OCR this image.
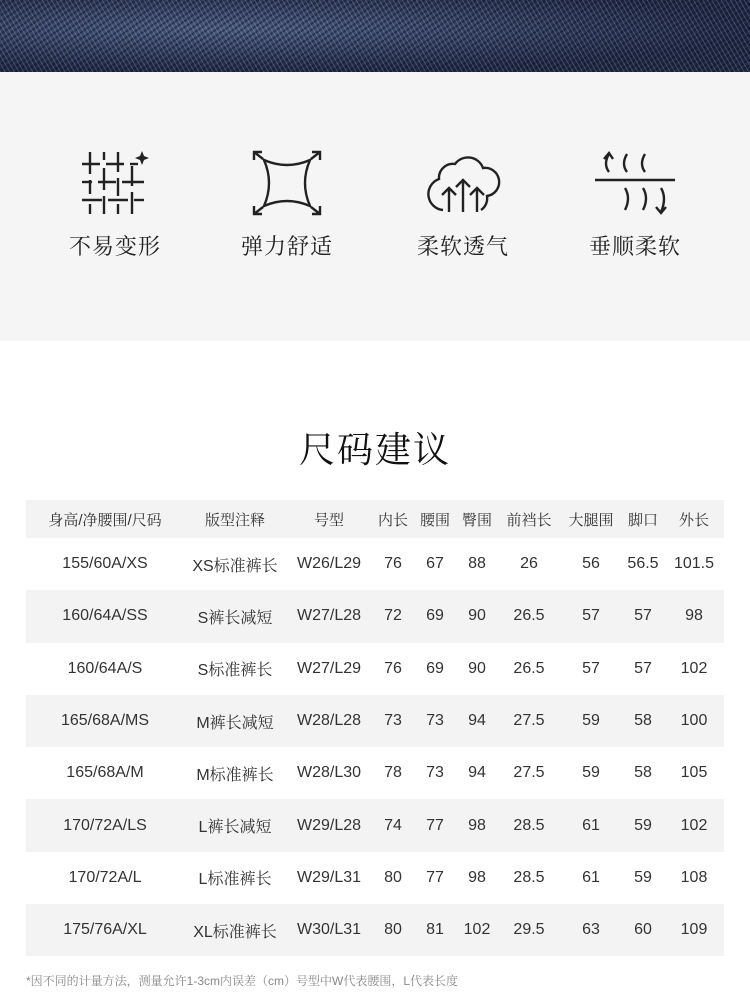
不易变形	弹力舒适	柔软透气	垂顺柔软
尺码建议
身高/净腰围/尺码	版型注释	号型	内长	腰围	臀围	前裆长	大腿围	脚口	外长
155/60A/XS	XS标准裤长	W26/L29	76	67	88	26	56	56.5	101.5
160/64A/SS	S裤长减短	W27/L28	72	69	90	26.5	57	57	98
160/64A/S	S标准裤长	W27/L29	76	69	90	26.5	57	57	102
165/68A/MS	M裤长减短	W28/L28	73	73	94	27.5	59	58	100
165/68A/M	M标准裤长	W28/L30	78	73	94	27.5	59	58	105
170/72A/LS	L裤长减短	W29/L28	74	77	98	28.5	61	59	102
170/72A/L	L标准裤长	W29/L31	80	77	98	28.5	61	59	108
175/76A/XL	XL标准裤长	W30/L31	80	81	102	29.5	63	60	109
*因不同的计量方法，测量允许1-3cm内误差（cm）号型中W代表腰围，L代表长度
